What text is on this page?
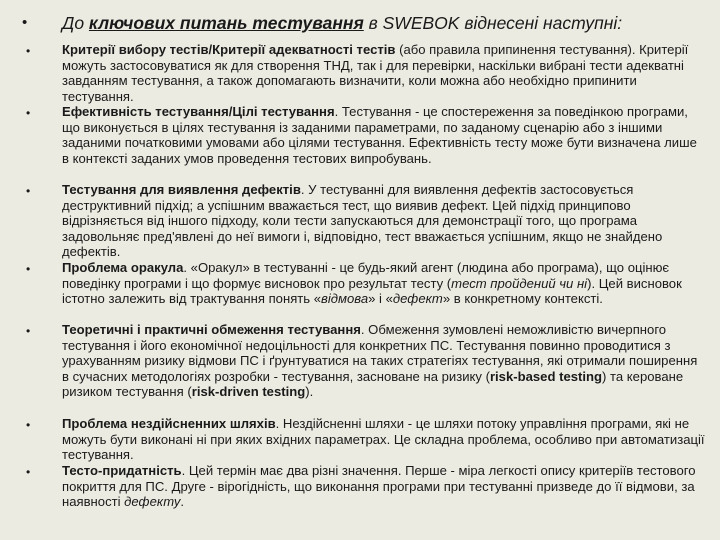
• До ключових питань тестування в SWEBOK віднесені наступні:
• Критерії вибору тестів/Критерії адекватності тестів (або правила припинення тестування). Критерії можуть застосовуватися як для створення ТНД, так і для перевірки, наскільки вибрані тести адекватні завданням тестування, а також допомагають визначити, коли можна або необхідно припинити тестування.
• Ефективність тестування/Цілі тестування. Тестування - це спостереження за поведінкою програми, що виконується в цілях тестування із заданими параметрами, по заданому сценарію або з іншими заданими початковими умовами або цілями тестування. Ефективність тесту може бути визначена лише в контексті заданих умов проведення тестових випробувань.
• Тестування для виявлення дефектів. У тестуванні для виявлення дефектів застосовується деструктивний підхід; а успішним вважається тест, що виявив дефект. Цей підхід принципово відрізняється від іншого підходу, коли тести запускаються для демонстрації того, що програма задовольняє пред'явлені до неї вимоги і, відповідно, тест вважається успішним, якщо не знайдено дефектів.
• Проблема оракула. «Оракул» в тестуванні - це будь-який агент (людина або програма), що оцінює поведінку програми і що формує висновок про результат тесту (тест пройдений чи ні). Цей висновок істотно залежить від трактування понять «відмова» і «дефект» в конкретному контексті.
• Теоретичні і практичні обмеження тестування. Обмеження зумовлені неможливістю вичерпного тестування і його економічної недоцільності для конкретних ПС. Тестування повинно проводитися з урахуванням ризику відмови ПС і ґрунтуватися на таких стратегіях тестування, які отримали поширення в сучасних методологіях розробки - тестування, засноване на ризику (risk-based testing) та кероване ризиком тестування (risk-driven testing).
• Проблема нездійсненних шляхів. Нездійсненні шляхи - це шляхи потоку управління програми, які не можуть бути виконані ні при яких вхідних параметрах. Це складна проблема, особливо при автоматизації тестування.
• Тесто-придатність. Цей термін має два різні значення. Перше - міра легкості опису критеріїв тестового покриття для ПС. Друге - вірогідність, що виконання програми при тестуванні призведе до її відмови, за наявності дефекту.
